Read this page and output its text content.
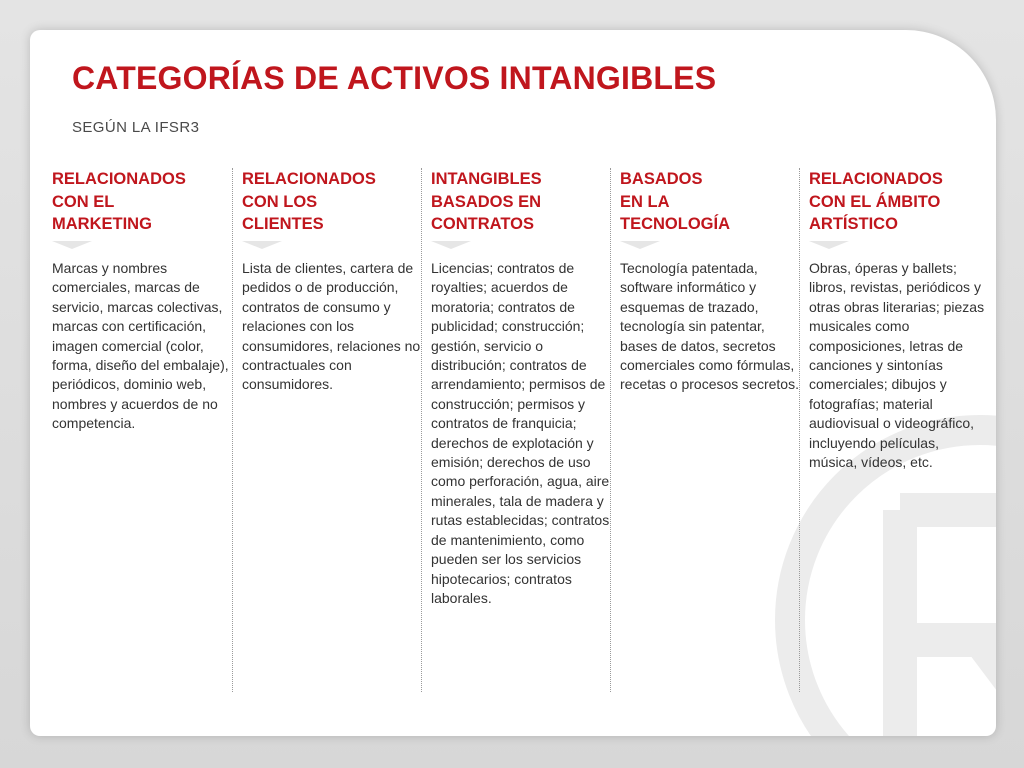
CATEGORÍAS DE ACTIVOS INTANGIBLES
SEGÚN LA IFSR3
RELACIONADOS
CON EL
MARKETING
Marcas y nombres comerciales, marcas de servicio, marcas colectivas, marcas con certificación, imagen comercial (color, forma, diseño del embalaje), periódicos, dominio web, nombres y acuerdos de no competencia.
RELACIONADOS
CON LOS
CLIENTES
Lista de clientes, cartera de pedidos o de producción, contratos de consumo y relaciones con los consumidores, relaciones no contractuales con consumidores.
INTANGIBLES
BASADOS EN
CONTRATOS
Licencias; contratos de royalties; acuerdos de moratoria; contratos de publicidad; construcción; gestión, servicio o distribución; contratos de arrendamiento; permisos de construcción; permisos y contratos de franquicia; derechos de explotación y emisión; derechos de uso como perforación, agua, aire minerales, tala de madera y rutas establecidas; contratos de mantenimiento, como pueden ser los servicios hipotecarios; contratos laborales.
BASADOS
EN LA
TECNOLOGÍA
Tecnología patentada, software informático y esquemas de trazado, tecnología sin patentar, bases de datos, secretos comerciales como fórmulas, recetas o procesos secretos.
RELACIONADOS
CON EL ÁMBITO
ARTÍSTICO
Obras, óperas y ballets; libros, revistas, periódicos y otras obras literarias; piezas musicales como composiciones, letras de canciones y sintonías comerciales; dibujos y fotografías; material audiovisual o videográfico, incluyendo películas, música, vídeos, etc.
